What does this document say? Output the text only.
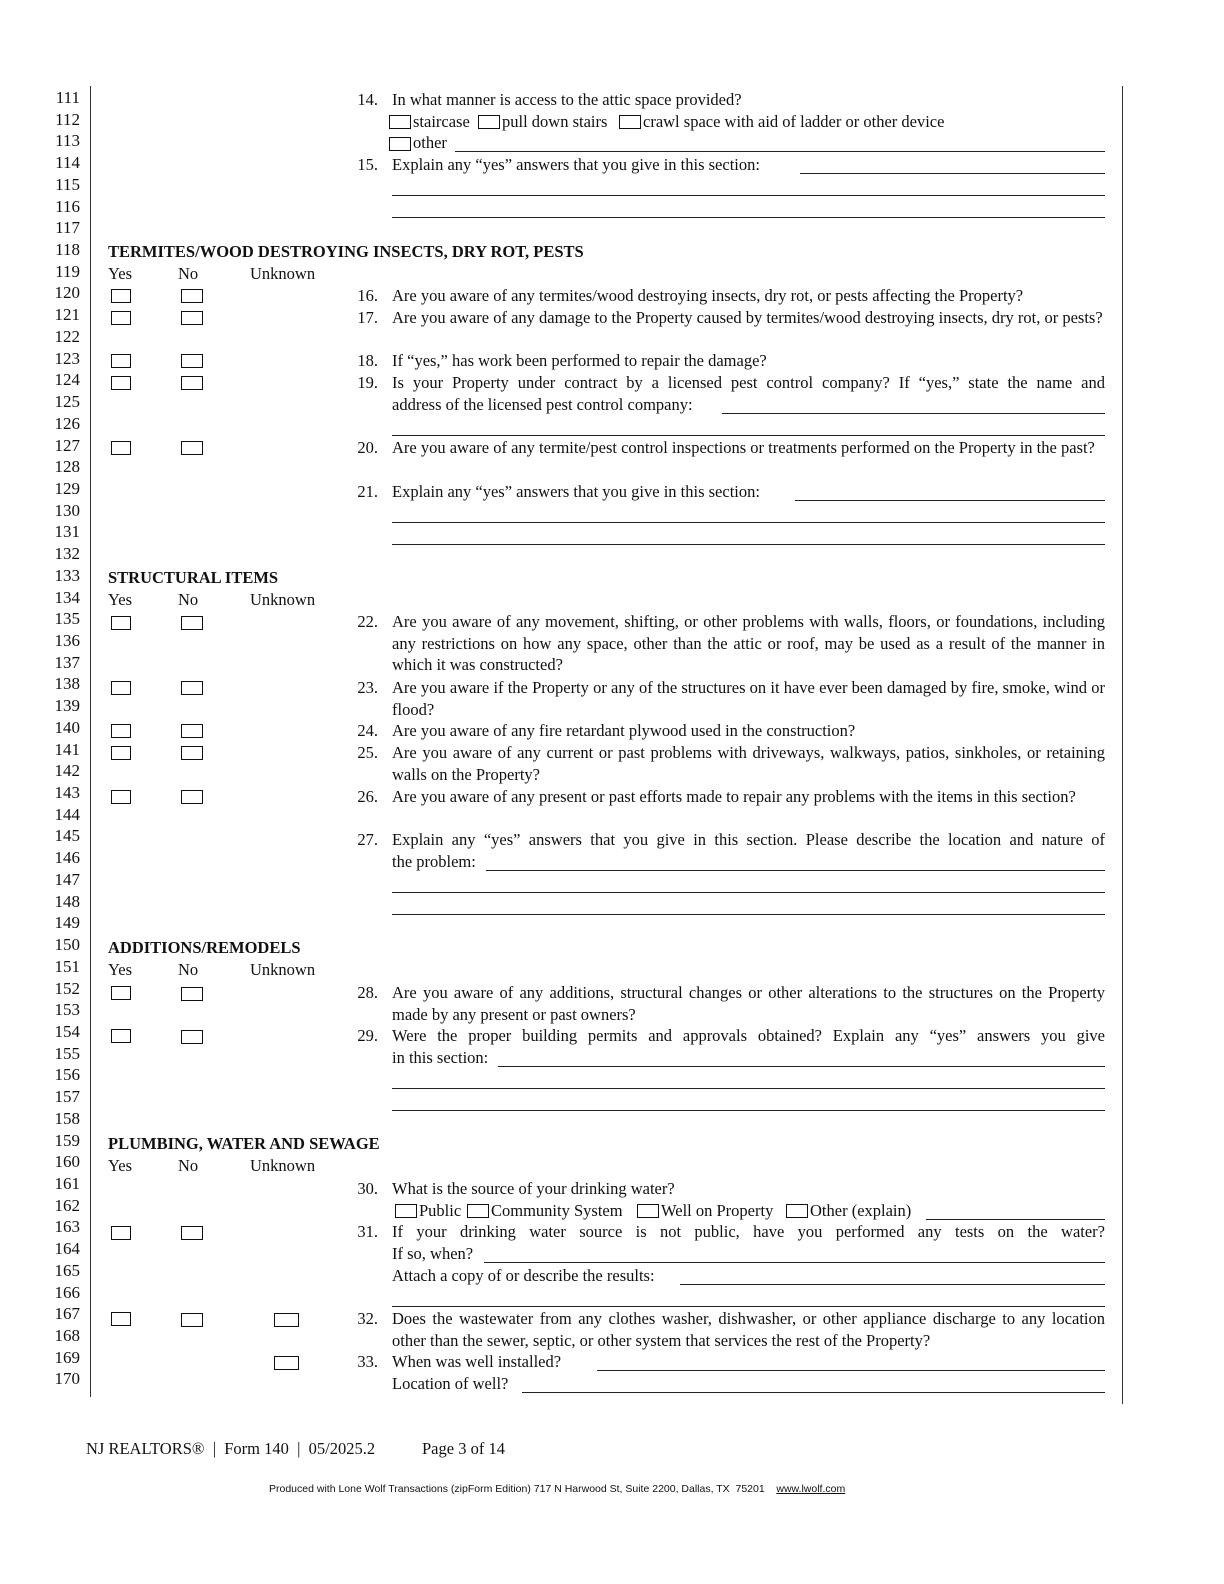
111
112
113
114
115
116
117
118
119
120
121
122
123
124
125
126
127
128
129
130
131
132
133
134
135
136
137
138
139
140
141
142
143
144
145
146
147
148
149
150
151
152
153
154
155
156
157
158
159
160
161
162
163
164
165
166
167
168
169
170
14. In what manner is access to the attic space provided?
staircase pull down stairs crawl space with aid of ladder or other device
other
15. Explain any “yes” answers that you give in this section:
TERMITES/WOOD DESTROYING INSECTS, DRY ROT, PESTS
Yes	No	Unknown
16. Are you aware of any termites/wood destroying insects, dry rot, or pests affecting the Property?
17. Are you aware of any damage to the Property caused by termites/wood destroying insects, dry rot, or pests?
18. If “yes,” has work been performed to repair the damage?
19. Is your Property under contract by a licensed pest control company? If “yes,” state the name and
address of the licensed pest control company:
20. Are you aware of any termite/pest control inspections or treatments performed on the Property in the past?
21. Explain any “yes” answers that you give in this section:
STRUCTURAL ITEMS
Yes	No	Unknown
22. Are you aware of any movement, shifting, or other problems with walls, floors, or foundations, including any restrictions on how any space, other than the attic or roof, may be used as a result of the manner in which it was constructed?
23. Are you aware if the Property or any of the structures on it have ever been damaged by fire, smoke, wind or flood?
24. Are you aware of any fire retardant plywood used in the construction?
25. Are you aware of any current or past problems with driveways, walkways, patios, sinkholes, or retaining walls on the Property?
26. Are you aware of any present or past efforts made to repair any problems with the items in this section?
27. Explain any “yes” answers that you give in this section. Please describe the location and nature of
the problem:
ADDITIONS/REMODELS
Yes	No	Unknown
28. Are you aware of any additions, structural changes or other alterations to the structures on the Property made by any present or past owners?
29. Were the proper building permits and approvals obtained? Explain any “yes” answers you give
in this section:
PLUMBING, WATER AND SEWAGE
Yes	No	Unknown
30. What is the source of your drinking water?
Public Community System Well on Property Other (explain)
31. If your drinking water source is not public, have you performed any tests on the water?
If so, when?
Attach a copy of or describe the results:
32. Does the wastewater from any clothes washer, dishwasher, or other appliance discharge to any location other than the sewer, septic, or other system that services the rest of the Property?
33. When was well installed?
Location of well?
NJ REALTORS®  |  Form 140  |  05/2025.2	Page 3 of 14
Produced with Lone Wolf Transactions (zipForm Edition) 717 N Harwood St, Suite 2200, Dallas, TX  75201 www.lwolf.com
